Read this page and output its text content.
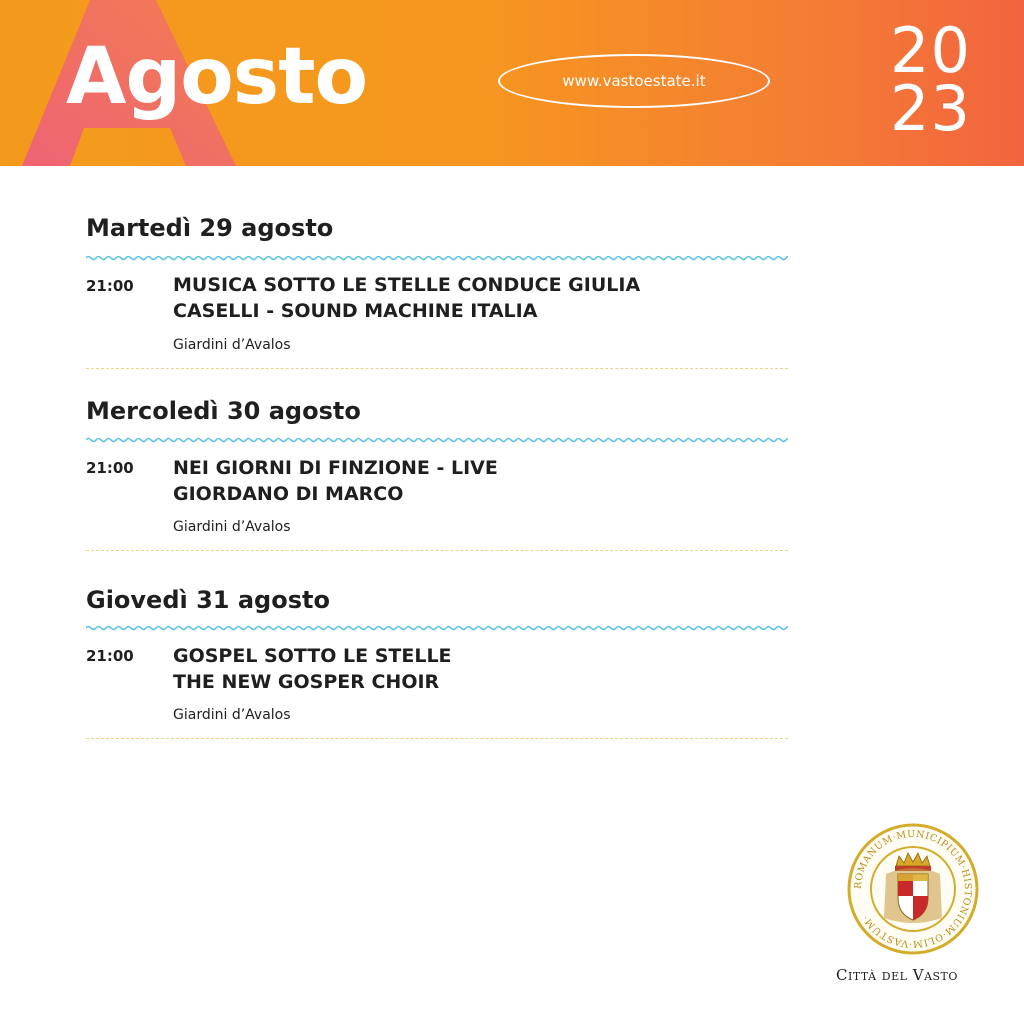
Agosto	www.vastoestate.it	20
23
Martedì 29 agosto
21:00 MUSICA SOTTO LE STELLE CONDUCE GIULIA
CASELLI - SOUND MACHINE ITALIA
Giardini d’Avalos
Mercoledì 30 agosto
21:00 NEI GIORNI DI FINZIONE - LIVE
GIORDANO DI MARCO
Giardini d’Avalos
Giovedì 31 agosto
21:00 GOSPEL SOTTO LE STELLE
THE NEW GOSPER CHOIR
Giardini d’Avalos
ROMANUM·MUNICIPIUM·HISTONIUM·OLIM·VASTUM·
Città del Vasto
